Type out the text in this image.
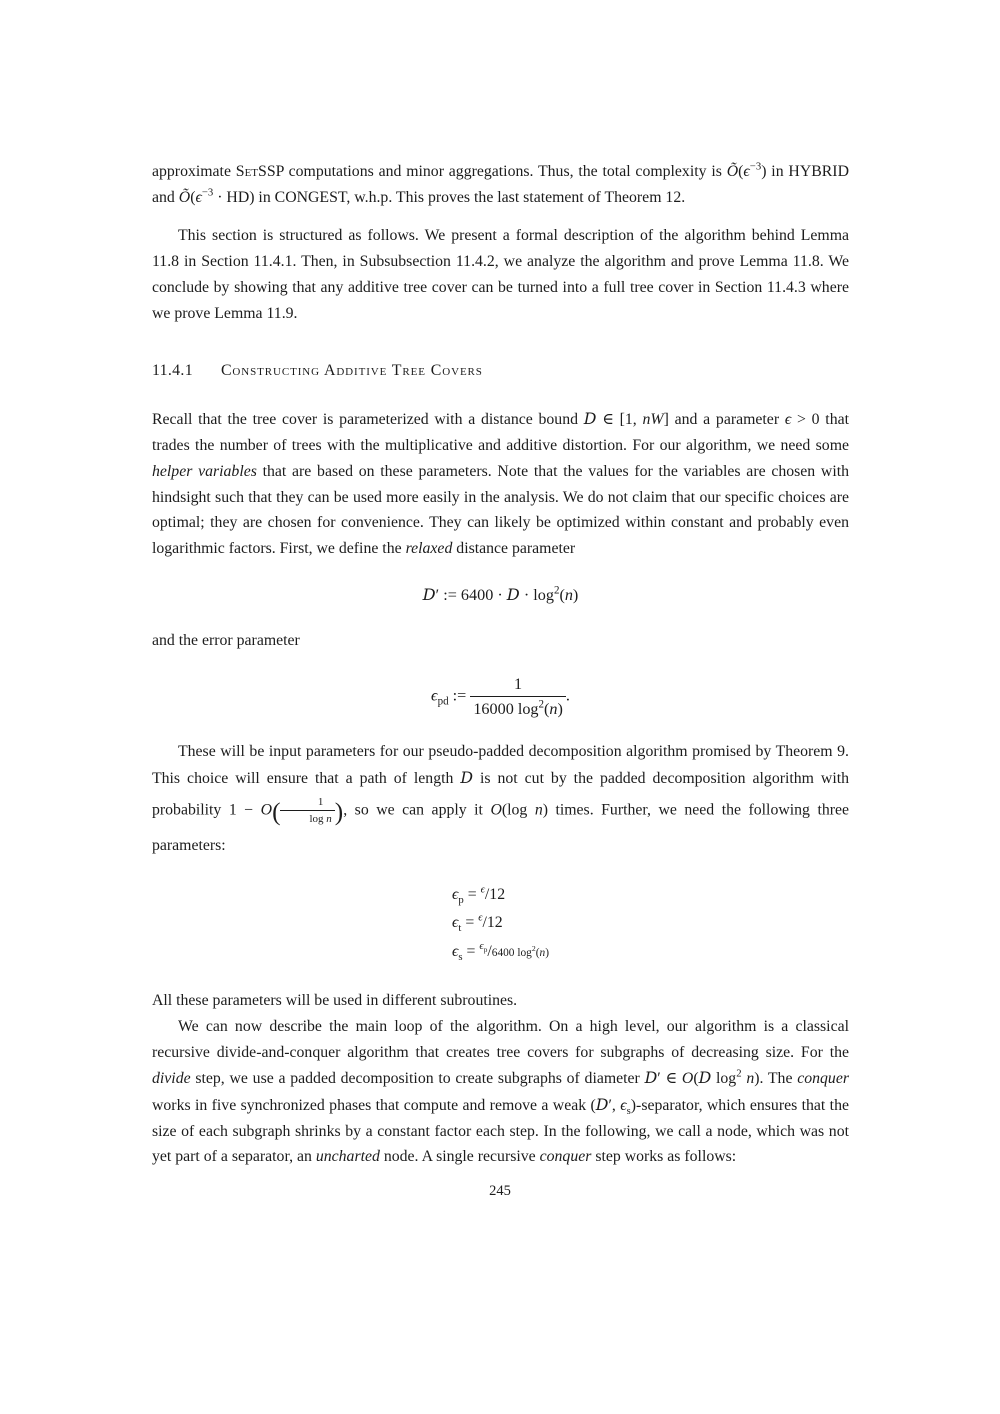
approximate SetSSP computations and minor aggregations. Thus, the total complexity is $Õ(\epsilon^{-3})$ in HYBRID and $Õ(\epsilon^{-3} \cdot HD)$ in CONGEST, w.h.p. This proves the last statement of Theorem 12.

This section is structured as follows. We present a formal description of the algorithm behind Lemma 11.8 in Section 11.4.1. Then, in Subsubsection 11.4.2, we analyze the algorithm and prove Lemma 11.8. We conclude by showing that any additive tree cover can be turned into a full tree cover in Section 11.4.3 where we prove Lemma 11.9.

11.4.1 Constructing Additive Tree Covers

Recall that the tree cover is parameterized with a distance bound D ∈ [1, nW] and a parameter ϵ > 0 that trades the number of trees with the multiplicative and additive distortion. For our algorithm, we need some helper variables that are based on these parameters. Note that the values for the variables are chosen with hindsight such that they can be used more easily in the analysis. We do not claim that our specific choices are optimal; they are chosen for convenience. They can likely be optimized within constant and probably even logarithmic factors. First, we define the relaxed distance parameter

D′ := $6400 \cdot D \cdot \log^2(n)$

and the error parameter

$\epsilon_{pd}$ := $\frac{1}{16000 \log^2(n)}$ .

These will be input parameters for our pseudo-padded decomposition algorithm promised by Theorem 9. This choice will ensure that a path of length D is not cut by the padded decomposition algorithm with probability $1 - O( \frac{1}{\text{log n}}$ ), so we can apply it O(log n) times. Further, we need the following three parameters:

$\epsilon_p = ^\epsilon/12$
$\epsilon_t = ^\epsilon/12$
$\epsilon_s = ^{\epsilon_p}/6400$ $\log^2(n)$

All these parameters will be used in different subroutines.

We can now describe the main loop of the algorithm. On a high level, our algorithm is a classical recursive divide-and-conquer algorithm that creates tree covers for subgraphs of decreasing size. For the divide step, we use a padded decomposition to create subgraphs of diameter D′ ∈ O(D $\log^2 n$). The conquer works in five synchronized phases that compute and remove a weak (D′, $\epsilon_s$)-separator, which ensures that the size of each subgraph shrinks by a constant factor each step. In the following, we call a node, which was not yet part of a separator, an uncharted node. A single recursive conquer step works as follows:

245
